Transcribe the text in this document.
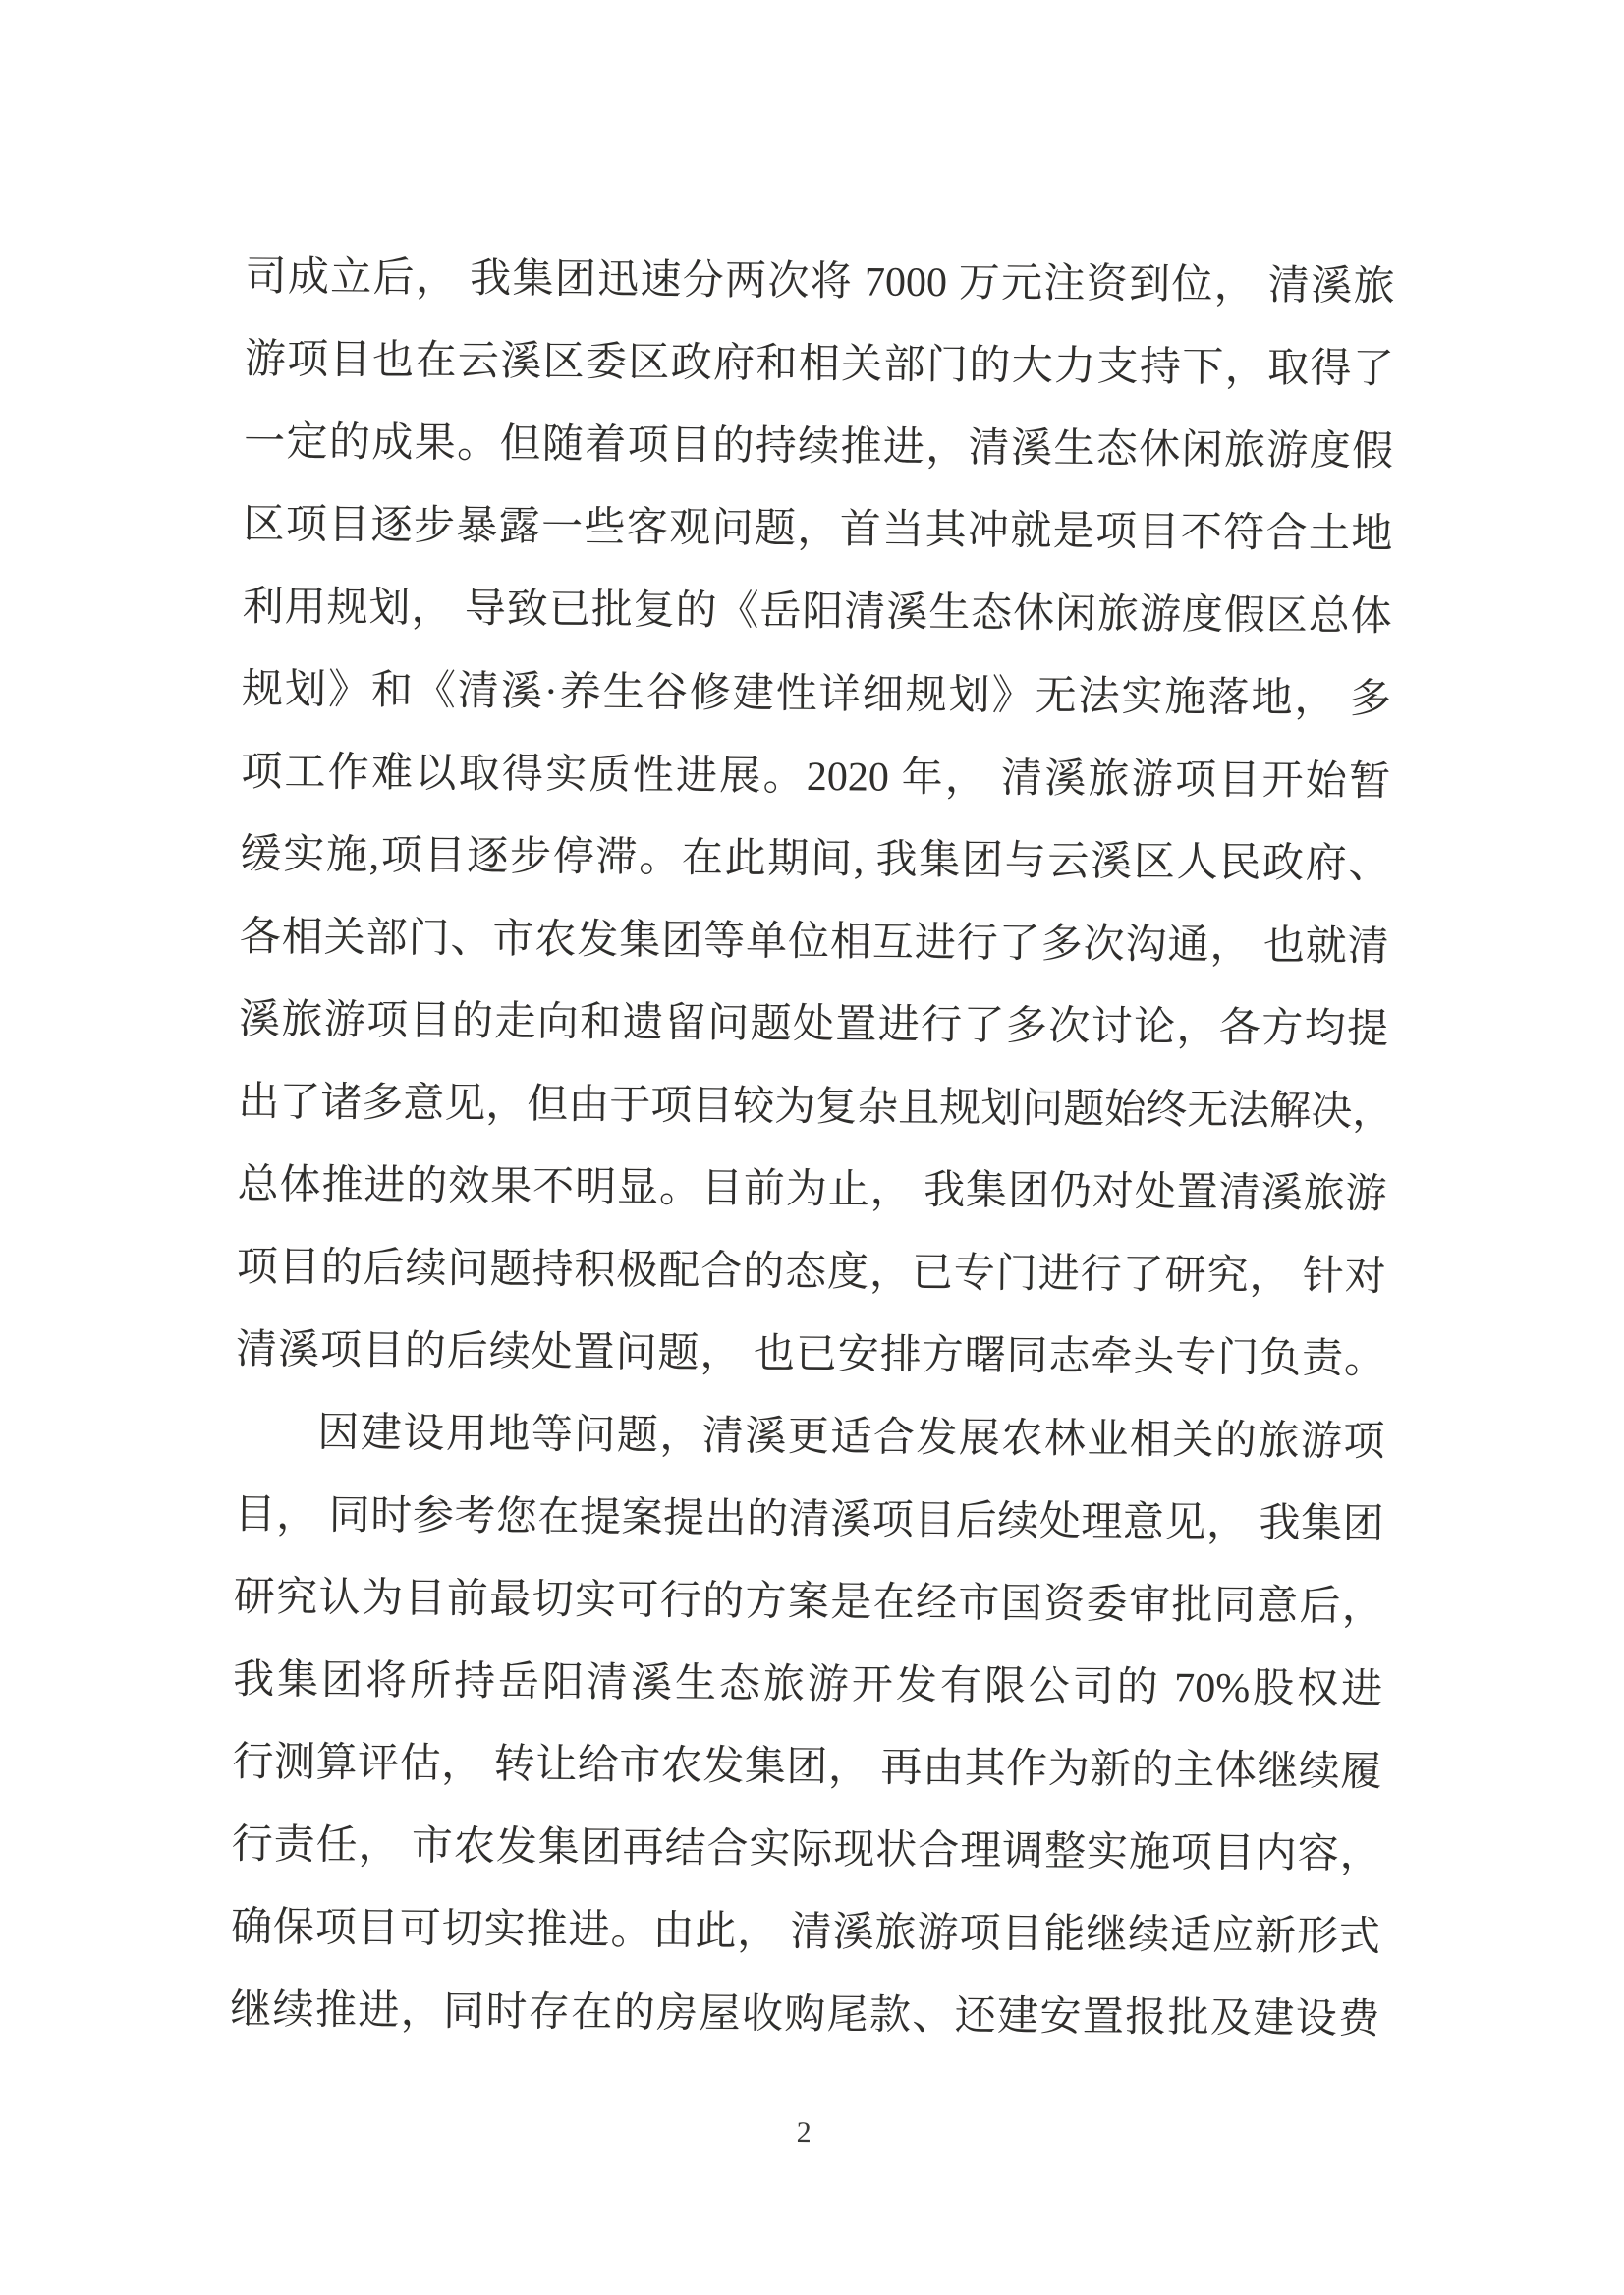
司成立后， 我集团迅速分两次将 7000 万元注资到位， 清溪旅
游项目也在云溪区委区政府和相关部门的大力支持下，取得了
一定的成果。但随着项目的持续推进，清溪生态休闲旅游度假
区项目逐步暴露一些客观问题，首当其冲就是项目不符合土地
利用规划， 导致已批复的《岳阳清溪生态休闲旅游度假区总体
规划》和《清溪·养生谷修建性详细规划》无法实施落地， 多
项工作难以取得实质性进展。2020 年， 清溪旅游项目开始暂
缓实施,项目逐步停滞。在此期间, 我集团与云溪区人民政府、
各相关部门、市农发集团等单位相互进行了多次沟通， 也就清
溪旅游项目的走向和遗留问题处置进行了多次讨论，各方均提
出了诸多意见，但由于项目较为复杂且规划问题始终无法解决，
总体推进的效果不明显。目前为止， 我集团仍对处置清溪旅游
项目的后续问题持积极配合的态度，已专门进行了研究， 针对
清溪项目的后续处置问题， 也已安排方曙同志牵头专门负责。
因建设用地等问题，清溪更适合发展农林业相关的旅游项
目， 同时参考您在提案提出的清溪项目后续处理意见， 我集团
研究认为目前最切实可行的方案是在经市国资委审批同意后，
我集团将所持岳阳清溪生态旅游开发有限公司的 70%股权进
行测算评估， 转让给市农发集团， 再由其作为新的主体继续履
行责任， 市农发集团再结合实际现状合理调整实施项目内容，
确保项目可切实推进。由此， 清溪旅游项目能继续适应新形式
继续推进，同时存在的房屋收购尾款、还建安置报批及建设费
2
